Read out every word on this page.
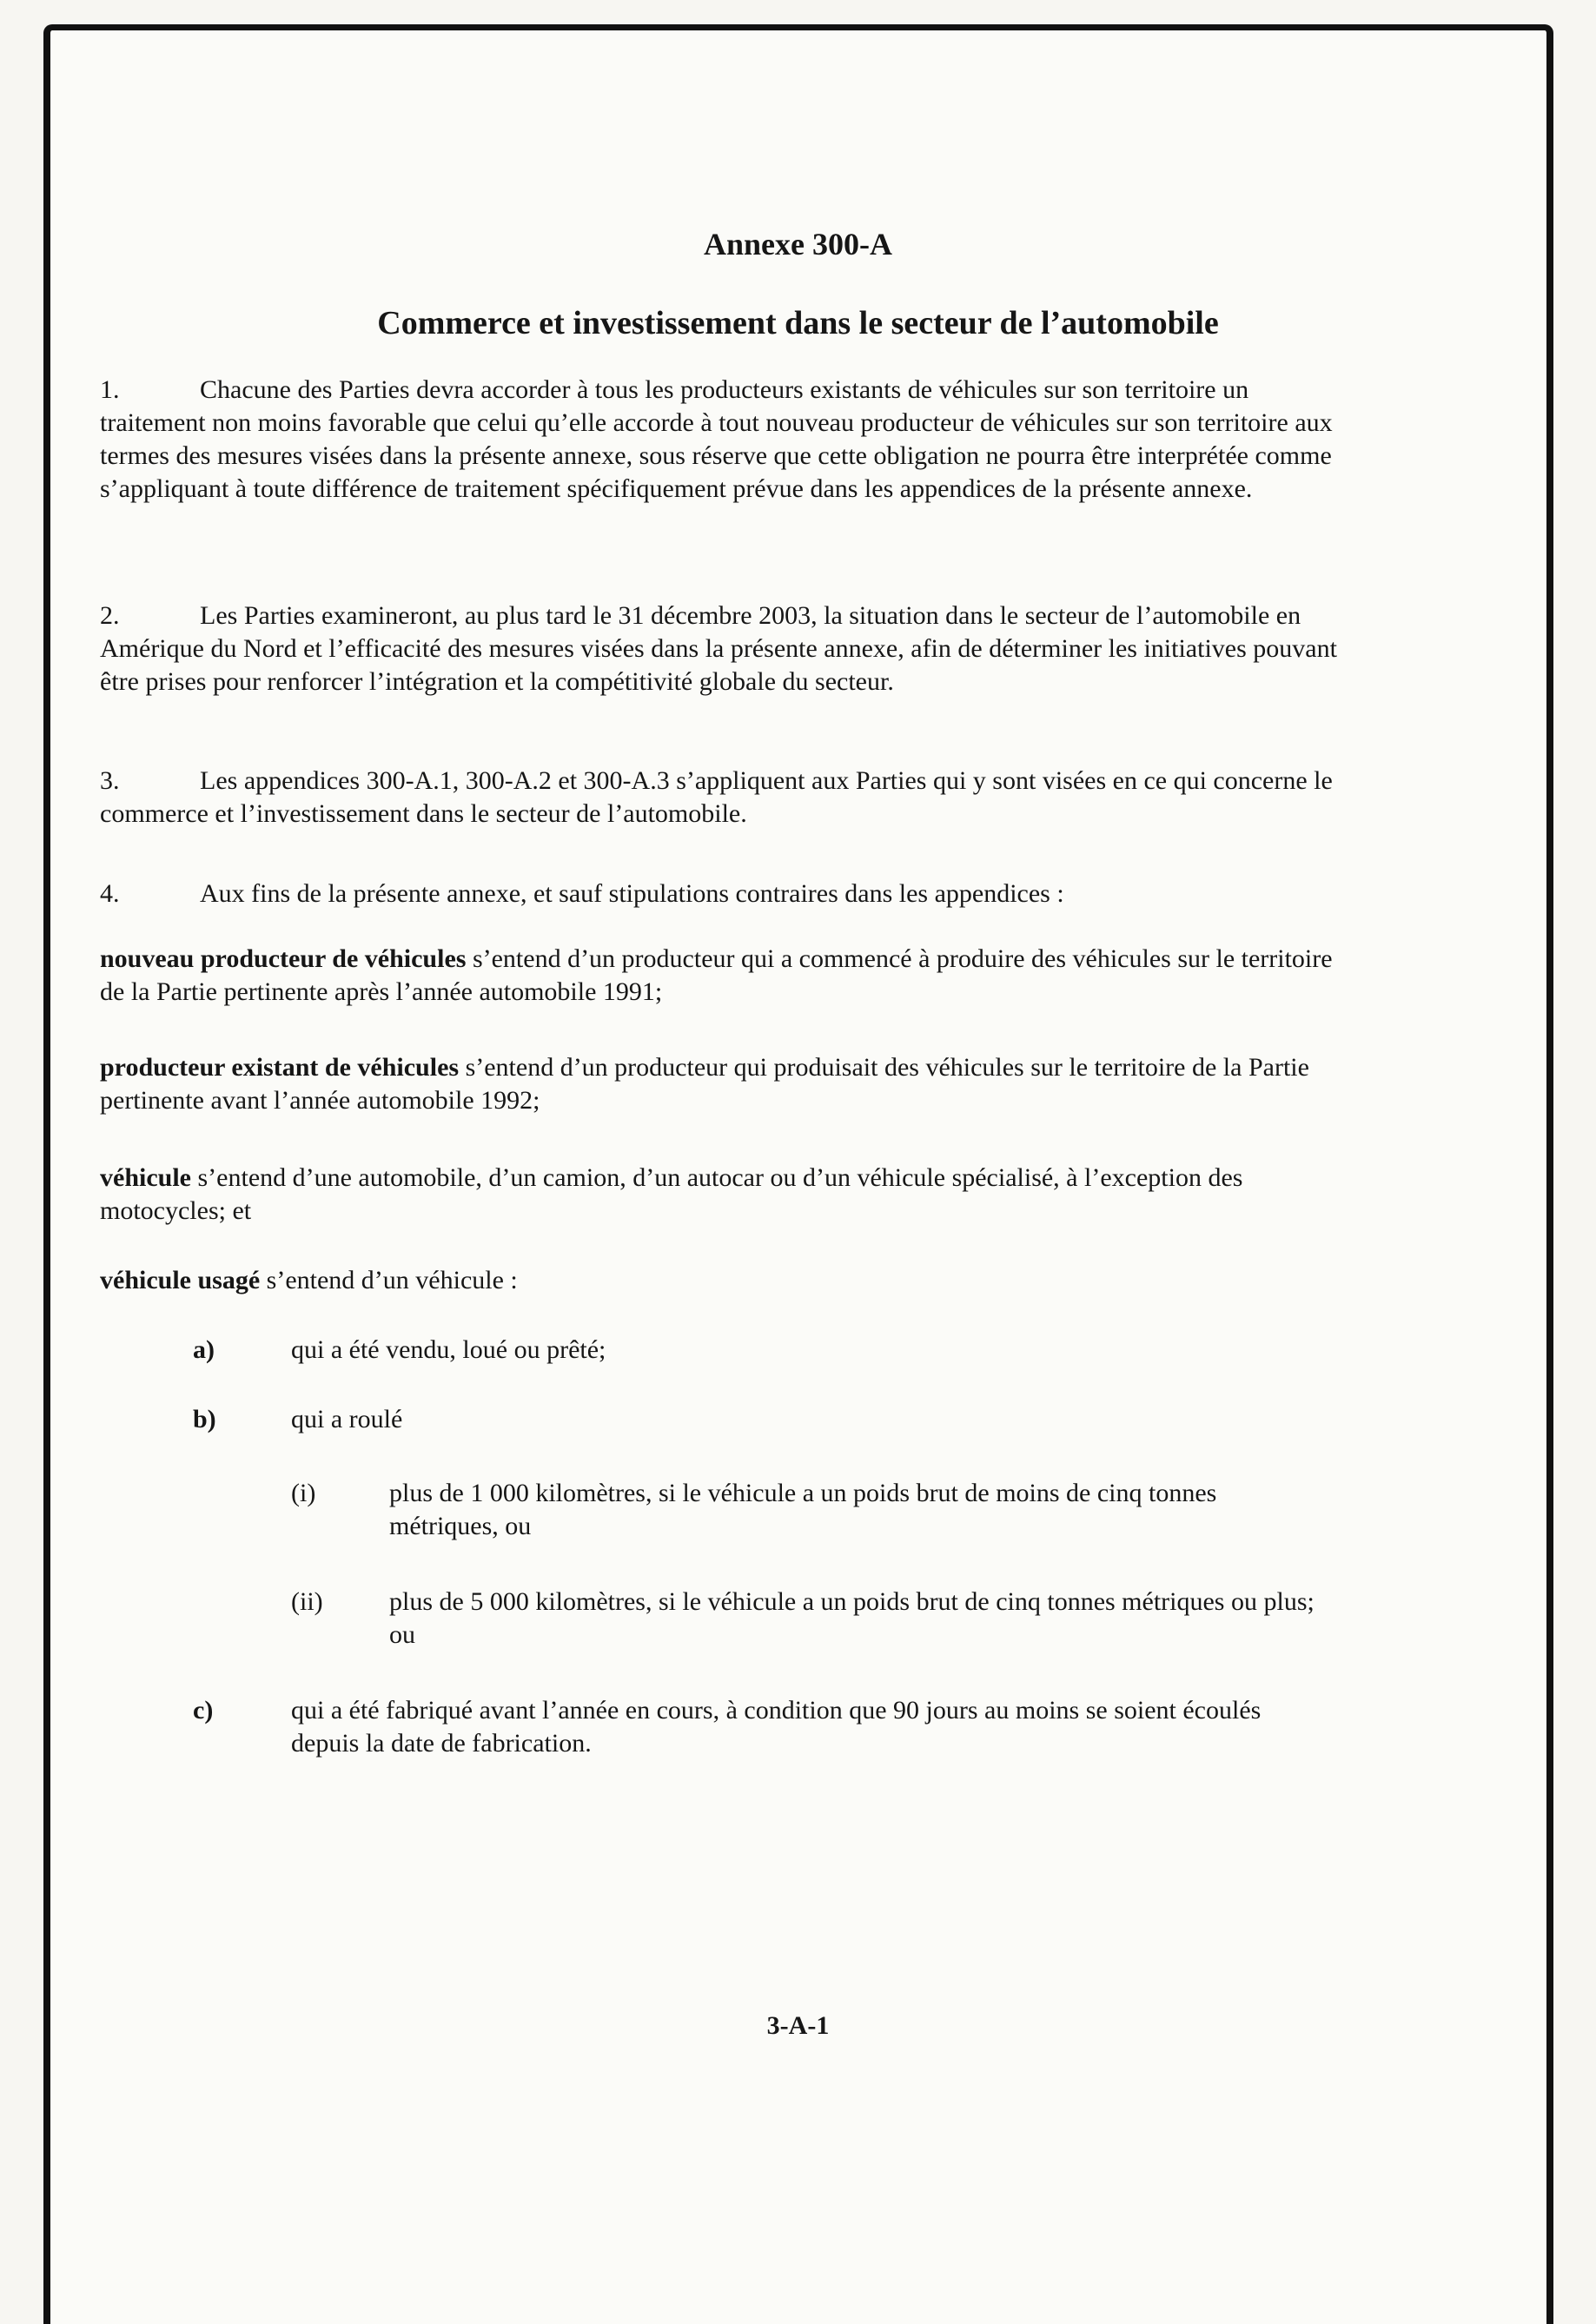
Annexe 300-A
Commerce et investissement dans le secteur de l’automobile

1.	Chacune des Parties devra accorder à tous les producteurs existants de véhicules sur son territoire un traitement non moins favorable que celui qu’elle accorde à tout nouveau producteur de véhicules sur son territoire aux termes des mesures visées dans la présente annexe, sous réserve que cette obligation ne pourra être interprétée comme s’appliquant à toute différence de traitement spécifiquement prévue dans les appendices de la présente annexe.

2.	Les Parties examineront, au plus tard le 31 décembre 2003, la situation dans le secteur de l’automobile en Amérique du Nord et l’efficacité des mesures visées dans la présente annexe, afin de déterminer les initiatives pouvant être prises pour renforcer l’intégration et la compétitivité globale du secteur.

3.	Les appendices 300-A.1, 300-A.2 et 300-A.3 s’appliquent aux Parties qui y sont visées en ce qui concerne le commerce et l’investissement dans le secteur de l’automobile.

4.	Aux fins de la présente annexe, et sauf stipulations contraires dans les appendices :

nouveau producteur de véhicules s’entend d’un producteur qui a commencé à produire des véhicules sur le territoire de la Partie pertinente après l’année automobile 1991;

producteur existant de véhicules s’entend d’un producteur qui produisait des véhicules sur le territoire de la Partie pertinente avant l’année automobile 1992;

véhicule s’entend d’une automobile, d’un camion, d’un autocar ou d’un véhicule spécialisé, à l’exception des motocycles; et

véhicule usagé s’entend d’un véhicule :

a)	qui a été vendu, loué ou prêté;

b)	qui a roulé

(i)	plus de 1 000 kilomètres, si le véhicule a un poids brut de moins de cinq tonnes métriques, ou

(ii)	plus de 5 000 kilomètres, si le véhicule a un poids brut de cinq tonnes métriques ou plus; ou

c)	qui a été fabriqué avant l’année en cours, à condition que 90 jours au moins se soient écoulés depuis la date de fabrication.

3-A-1
